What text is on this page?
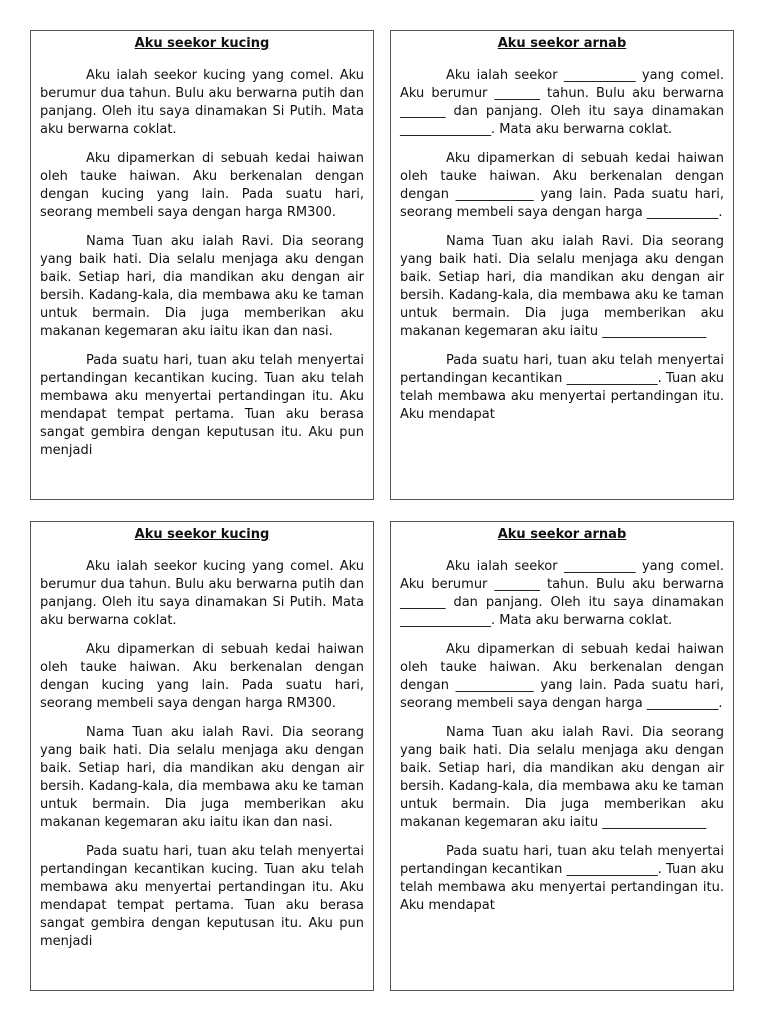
Aku seekor kucing

Aku ialah seekor kucing yang comel. Aku berumur dua tahun. Bulu aku berwarna putih dan panjang. Oleh itu saya dinamakan Si Putih. Mata aku berwarna coklat.

Aku dipamerkan di sebuah kedai haiwan oleh tauke haiwan. Aku berkenalan dengan dengan kucing yang lain. Pada suatu hari, seorang membeli saya dengan harga RM300.

Nama Tuan aku ialah Ravi. Dia seorang yang baik hati. Dia selalu menjaga aku dengan baik. Setiap hari, dia mandikan aku dengan air bersih. Kadang-kala, dia membawa aku ke taman untuk bermain. Dia juga memberikan aku makanan kegemaran aku iaitu ikan dan nasi.

Pada suatu hari, tuan aku telah menyertai pertandingan kecantikan kucing. Tuan aku telah membawa aku menyertai pertandingan itu. Aku mendapat tempat pertama. Tuan aku berasa sangat gembira dengan keputusan itu. Aku pun menjadi

Aku seekor arnab

Aku ialah seekor ___________ yang comel. Aku berumur _______ tahun. Bulu aku berwarna _______ dan panjang. Oleh itu saya dinamakan ______________. Mata aku berwarna coklat.

Aku dipamerkan di sebuah kedai haiwan oleh tauke haiwan. Aku berkenalan dengan dengan ____________ yang lain. Pada suatu hari, seorang membeli saya dengan harga ___________.

Nama Tuan aku ialah Ravi. Dia seorang yang baik hati. Dia selalu menjaga aku dengan baik. Setiap hari, dia mandikan aku dengan air bersih. Kadang-kala, dia membawa aku ke taman untuk bermain. Dia juga memberikan aku makanan kegemaran aku iaitu ________________

Pada suatu hari, tuan aku telah menyertai pertandingan kecantikan ______________. Tuan aku telah membawa aku menyertai pertandingan itu. Aku mendapat

Aku seekor kucing

Aku ialah seekor kucing yang comel. Aku berumur dua tahun. Bulu aku berwarna putih dan panjang. Oleh itu saya dinamakan Si Putih. Mata aku berwarna coklat.

Aku dipamerkan di sebuah kedai haiwan oleh tauke haiwan. Aku berkenalan dengan dengan kucing yang lain. Pada suatu hari, seorang membeli saya dengan harga RM300.

Nama Tuan aku ialah Ravi. Dia seorang yang baik hati. Dia selalu menjaga aku dengan baik. Setiap hari, dia mandikan aku dengan air bersih. Kadang-kala, dia membawa aku ke taman untuk bermain. Dia juga memberikan aku makanan kegemaran aku iaitu ikan dan nasi.

Pada suatu hari, tuan aku telah menyertai pertandingan kecantikan kucing. Tuan aku telah membawa aku menyertai pertandingan itu. Aku mendapat tempat pertama. Tuan aku berasa sangat gembira dengan keputusan itu. Aku pun menjadi

Aku seekor arnab

Aku ialah seekor ___________ yang comel. Aku berumur _______ tahun. Bulu aku berwarna _______ dan panjang. Oleh itu saya dinamakan ______________. Mata aku berwarna coklat.

Aku dipamerkan di sebuah kedai haiwan oleh tauke haiwan. Aku berkenalan dengan dengan ____________ yang lain. Pada suatu hari, seorang membeli saya dengan harga ___________.

Nama Tuan aku ialah Ravi. Dia seorang yang baik hati. Dia selalu menjaga aku dengan baik. Setiap hari, dia mandikan aku dengan air bersih. Kadang-kala, dia membawa aku ke taman untuk bermain. Dia juga memberikan aku makanan kegemaran aku iaitu ________________

Pada suatu hari, tuan aku telah menyertai pertandingan kecantikan ______________. Tuan aku telah membawa aku menyertai pertandingan itu. Aku mendapat
